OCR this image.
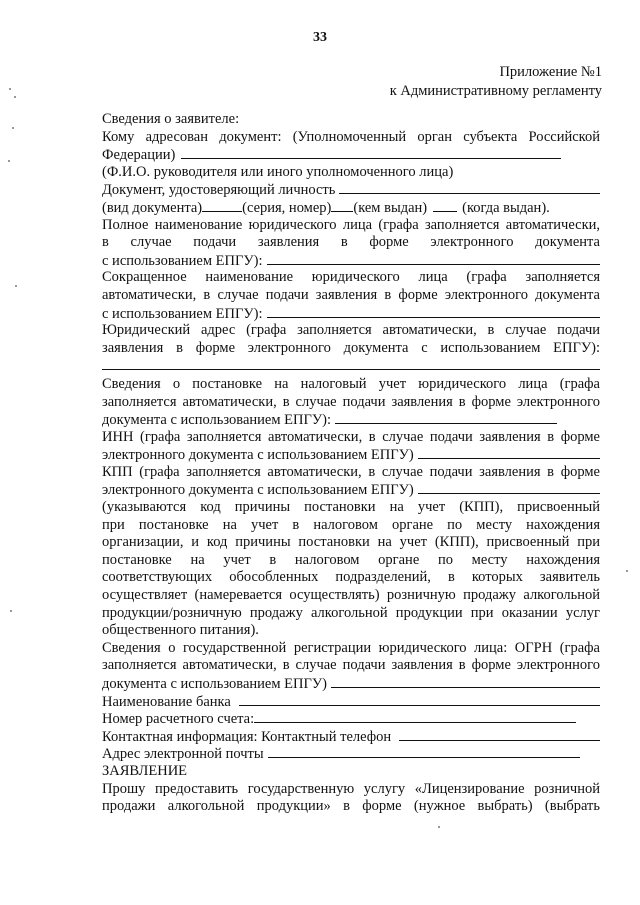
33
Приложение №1
к Административному регламенту
Сведения о заявителе:
Кому адресован документ: (Уполномоченный орган субъекта Российской
Федерации)
(Ф.И.О. руководителя или иного уполномоченного лица)
Документ, удостоверяющий личность
(вид документа)	(серия, номер) (кем выдан) (когда выдан).
Полное наименование юридического лица (графа заполняется автоматически,
в случае подачи заявления в форме электронного документа
с использованием ЕПГУ):
Сокращенное наименование юридического лица (графа заполняется
автоматически, в случае подачи заявления в форме электронного документа
с использованием ЕПГУ):
Юридический адрес (графа заполняется автоматически, в случае подачи
заявления в форме электронного документа с использованием ЕПГУ):
Сведения о постановке на налоговый учет юридического лица (графа
заполняется автоматически, в случае подачи заявления в форме электронного
документа с использованием ЕПГУ):
ИНН (графа заполняется автоматически, в случае подачи заявления в форме
электронного документа с использованием ЕПГУ)
КПП (графа заполняется автоматически, в случае подачи заявления в форме
электронного документа с использованием ЕПГУ)
(указываются код причины постановки на учет (КПП), присвоенный
при постановке на учет в налоговом органе по месту нахождения
организации, и код причины постановки на учет (КПП), присвоенный при
постановке на учет в налоговом органе по месту нахождения
соответствующих обособленных подразделений, в которых заявитель
осуществляет (намеревается осуществлять) розничную продажу алкогольной
продукции/розничную продажу алкогольной продукции при оказании услуг
общественного питания).
Сведения о государственной регистрации юридического лица: ОГРН (графа
заполняется автоматически, в случае подачи заявления в форме электронного
документа с использованием ЕПГУ)
Наименование банка
Номер расчетного счета:
Контактная информация: Контактный телефон
Адрес электронной почты
ЗАЯВЛЕНИЕ
Прошу предоставить государственную услугу «Лицензирование розничной
продажи алкогольной продукции» в форме (нужное выбрать) (выбрать
